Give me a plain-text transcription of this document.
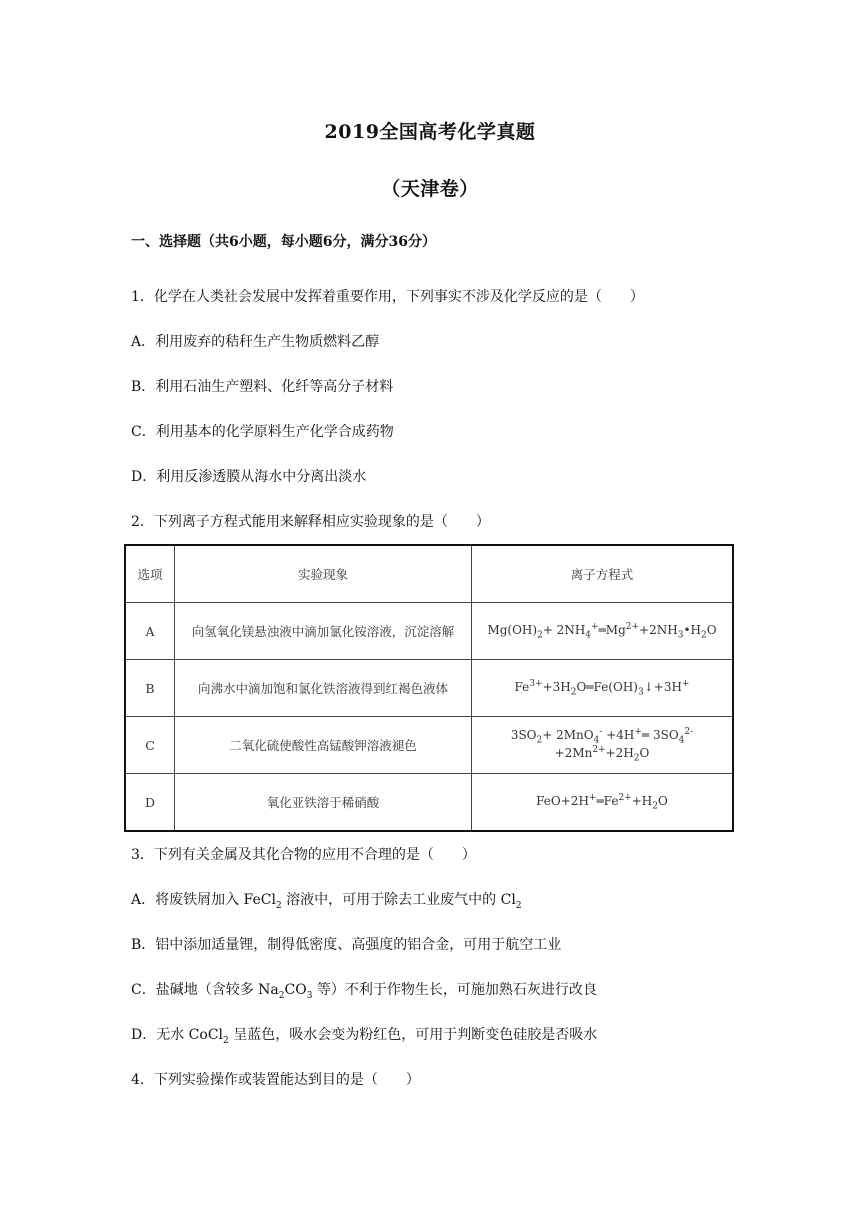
2019全国高考化学真题
（天津卷）
一、选择题（共6小题，每小题6分，满分36分）
1．化学在人类社会发展中发挥着重要作用，下列事实不涉及化学反应的是（　　）
A．利用废弃的秸秆生产生物质燃料乙醇
B．利用石油生产塑料、化纤等高分子材料
C．利用基本的化学原料生产化学合成药物
D．利用反渗透膜从海水中分离出淡水
2．下列离子方程式能用来解释相应实验现象的是（　　）
选项	实验现象	离子方程式
A	向氢氧化镁悬浊液中滴加氯化铵溶液，沉淀溶解	$Mg(OH)_2+$ $2NH_4^+═Mg^{2+}+2NH_3•H_2O$
B	向沸水中滴加饱和氯化铁溶液得到红褐色液体	$Fe^{3+}+3H_2O═Fe(OH)_3↓+3H^+$
C	二氧化硫使酸性高锰酸钾溶液褪色	$3SO_2+ 2MnO_4^-$ +4H+═ $3SO_4^{2-} +2Mn^{2+}+2H_2O$
D	氧化亚铁溶于稀硝酸	$FeO+2H^+═Fe^{2+}+H_2O$
3．下列有关金属及其化合物的应用不合理的是（　　）
A．将废铁屑加入 FeCl$_2$ 溶液中，可用于除去工业废气中的 $Cl_2$
B．铝中添加适量锂，制得低密度、高强度的铝合金，可用于航空工业
C．盐碱地（含较多 $Na_2CO_3$ 等）不利于作物生长，可施加熟石灰进行改良
D．无水 CoCl$_2$ 呈蓝色，吸水会变为粉红色，可用于判断变色硅胶是否吸水
4．下列实验操作或装置能达到目的是（　　）
